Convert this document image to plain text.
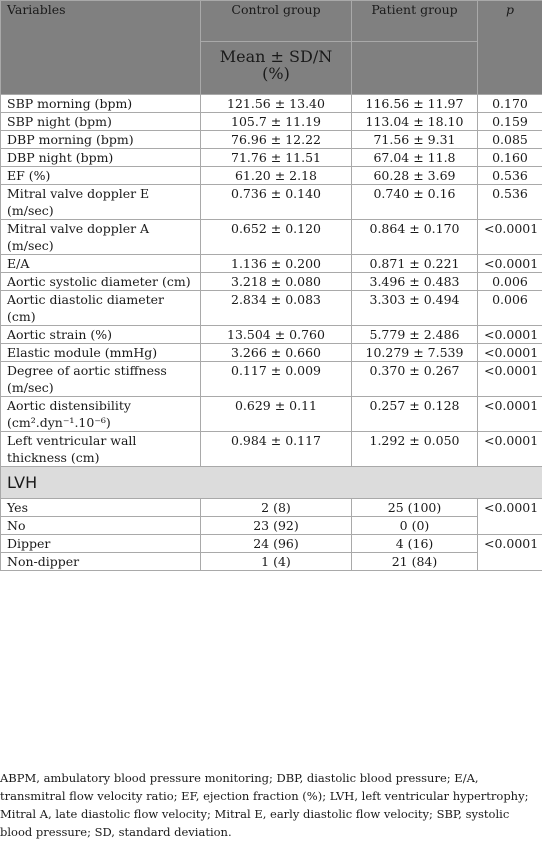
Variables	Control group	Patient group	p
	Mean ± SD/N (%)		
SBP morning (bpm)	121.56 ± 13.40	116.56 ± 11.97	0.170
SBP night (bpm)	105.7 ± 11.19	113.04 ± 18.10	0.159
DBP morning (bpm)	76.96 ± 12.22	71.56 ± 9.31	0.085
DBP night (bpm)	71.76 ± 11.51	67.04 ± 11.8	0.160
EF (%)	61.20 ± 2.18	60.28 ± 3.69	0.536
Mitral valve doppler E (m/sec)	0.736 ± 0.140	0.740 ± 0.16	0.536
Mitral valve doppler A (m/sec)	0.652 ± 0.120	0.864 ± 0.170	<0.0001
E/A	1.136 ± 0.200	0.871 ± 0.221	<0.0001
Aortic systolic diameter (cm)	3.218 ± 0.080	3.496 ± 0.483	0.006
Aortic diastolic diameter (cm)	2.834 ± 0.083	3.303 ± 0.494	0.006
Aortic strain (%)	13.504 ± 0.760	5.779 ± 2.486	<0.0001
Elastic module (mmHg)	3.266 ± 0.660	10.279 ± 7.539	<0.0001
Degree of aortic stiffness (m/sec)	0.117 ± 0.009	0.370 ± 0.267	<0.0001
Aortic distensibility
(cm².dyn⁻¹.10⁻⁶)	0.629 ± 0.11	0.257 ± 0.128	<0.0001
Left ventricular wall thickness (cm)	0.984 ± 0.117	1.292 ± 0.050	<0.0001
LVH			
Yes	2 (8)	25 (100)	<0.0001
No	23 (92)	0 (0)	
Dipper	24 (96)	4 (16)	<0.0001
Non-dipper	1 (4)	21 (84)	
ABPM, ambulatory blood pressure monitoring; DBP, diastolic blood pressure; E/A, transmitral flow velocity ratio; EF, ejection fraction (%); LVH, left ventricular hypertrophy; Mitral A, late diastolic flow velocity; Mitral E, early diastolic flow velocity; SBP, systolic blood pressure; SD, standard deviation.
